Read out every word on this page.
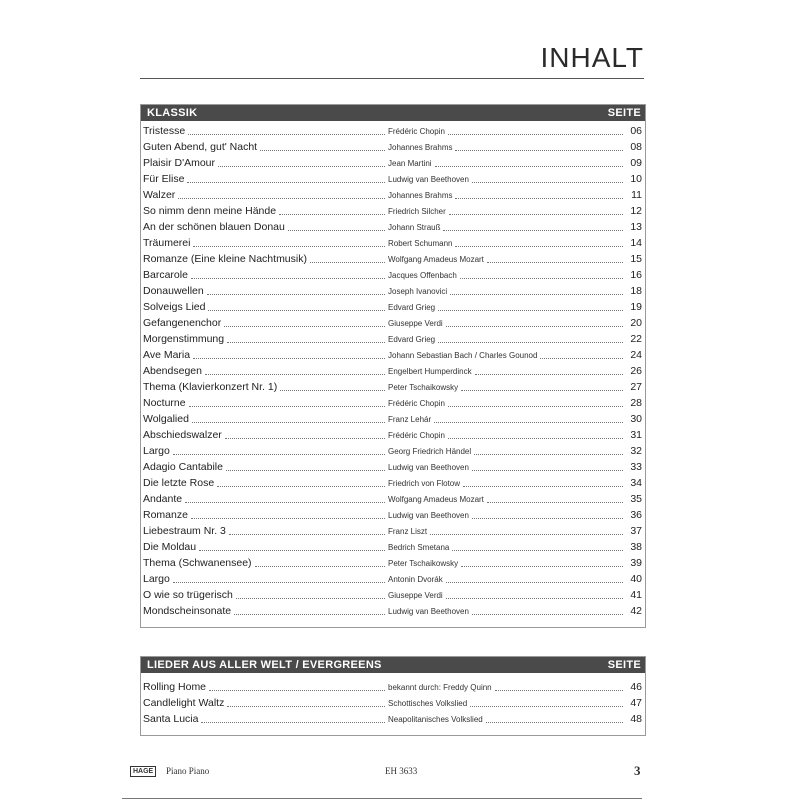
INHALT
KLASSIK	SEITE
Tristesse	Frédéric Chopin	06
Guten Abend, gut' Nacht	Johannes Brahms	08
Plaisir D'Amour	Jean Martini	09
Für Elise	Ludwig van Beethoven	10
Walzer	Johannes Brahms	11
So nimm denn meine Hände	Friedrich Silcher	12
An der schönen blauen Donau	Johann Strauß	13
Träumerei	Robert Schumann	14
Romanze (Eine kleine Nachtmusik)	Wolfgang Amadeus Mozart	15
Barcarole	Jacques Offenbach	16
Donauwellen	Joseph Ivanovici	18
Solveigs Lied	Edvard Grieg	19
Gefangenenchor	Giuseppe Verdi	20
Morgenstimmung	Edvard Grieg	22
Ave Maria	Johann Sebastian Bach / Charles Gounod	24
Abendsegen	Engelbert Humperdinck	26
Thema (Klavierkonzert Nr. 1)	Peter Tschaikowsky	27
Nocturne	Frédéric Chopin	28
Wolgalied	Franz Lehár	30
Abschiedswalzer	Frédéric Chopin	31
Largo	Georg Friedrich Händel	32
Adagio Cantabile	Ludwig van Beethoven	33
Die letzte Rose	Friedrich von Flotow	34
Andante	Wolfgang Amadeus Mozart	35
Romanze	Ludwig van Beethoven	36
Liebestraum Nr. 3	Franz Liszt	37
Die Moldau	Bedrich Smetana	38
Thema (Schwanensee)	Peter Tschaikowsky	39
Largo	Antonin Dvorák	40
O wie so trügerisch	Giuseppe Verdi	41
Mondscheinsonate	Ludwig van Beethoven	42
LIEDER AUS ALLER WELT / EVERGREENS	SEITE
Rolling Home	bekannt durch: Freddy Quinn	46
Candlelight Waltz	Schottisches Volkslied	47
Santa Lucia	Neapolitanisches Volkslied	48
HAGE	Piano Piano	EH 3633	3
